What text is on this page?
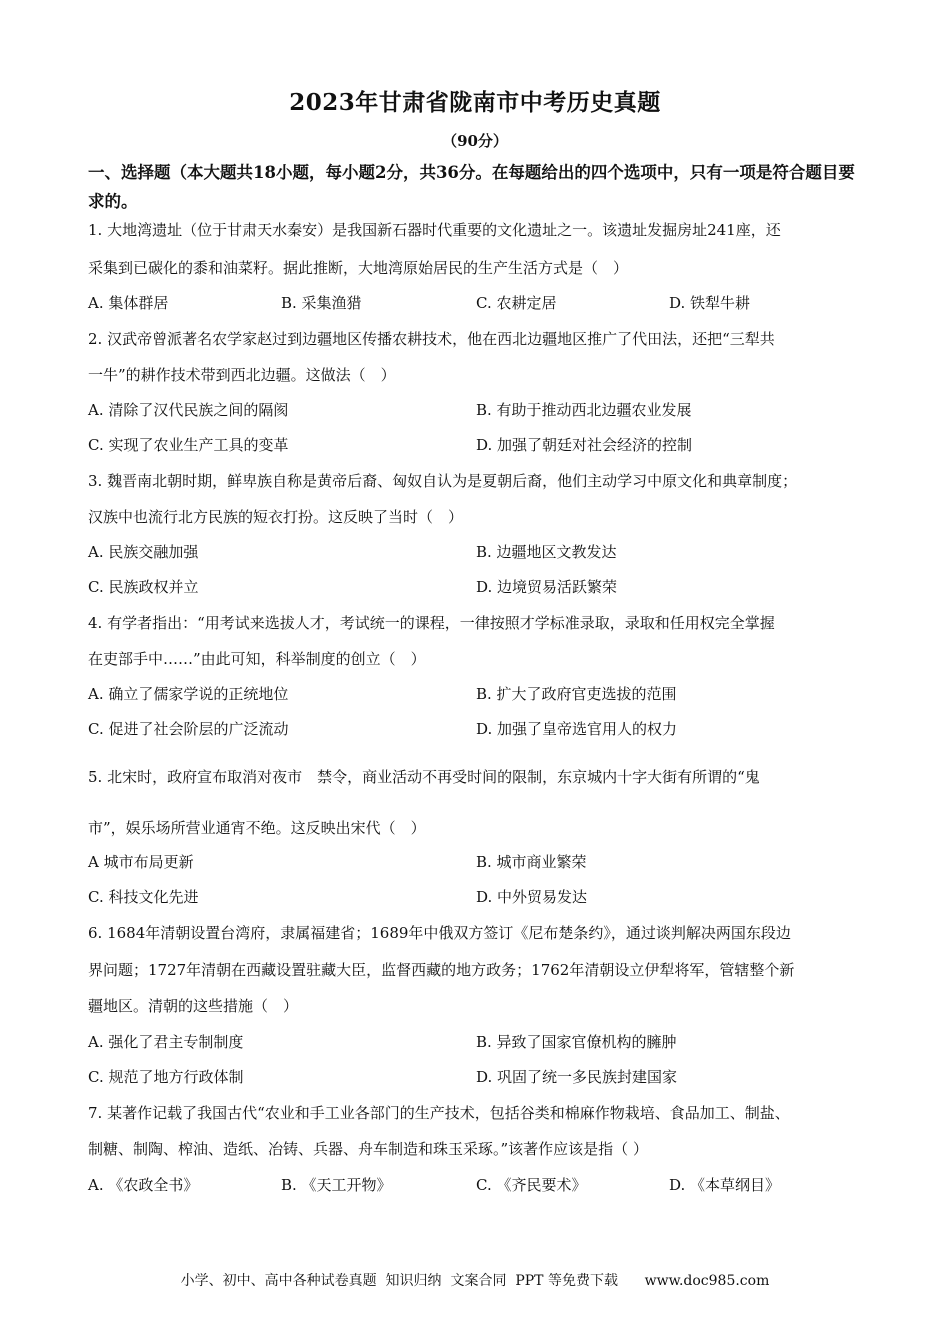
2023年甘肃省陇南市中考历史真题
（90分）
一、选择题（本大题共18小题，每小题2分，共36分。在每题给出的四个选项中，只有一项是符合题目要求的。
1. 大地湾遗址（位于甘肃天水秦安）是我国新石器时代重要的文化遗址之一。该遗址发掘房址241座，还
采集到已碳化的黍和油菜籽。据此推断，大地湾原始居民的生产生活方式是（　）
A. 集体群居	B. 采集渔猎	C. 农耕定居	D. 铁犁牛耕
2. 汉武帝曾派著名农学家赵过到边疆地区传播农耕技术，他在西北边疆地区推广了代田法，还把“三犁共
一牛”的耕作技术带到西北边疆。这做法（　）
A. 清除了汉代民族之间的隔阂	B. 有助于推动西北边疆农业发展
C. 实现了农业生产工具的变革	D. 加强了朝廷对社会经济的控制
3. 魏晋南北朝时期，鲜卑族自称是黄帝后裔、匈奴自认为是夏朝后裔，他们主动学习中原文化和典章制度；
汉族中也流行北方民族的短衣打扮。这反映了当时（　）
A. 民族交融加强	B. 边疆地区文教发达
C. 民族政权并立	D. 边境贸易活跃繁荣
4. 有学者指出：“用考试来选拔人才，考试统一的课程，一律按照才学标准录取，录取和任用权完全掌握
在吏部手中……”由此可知，科举制度的创立（　）
A. 确立了儒家学说的正统地位	B. 扩大了政府官吏选拔的范围
C. 促进了社会阶层的广泛流动	D. 加强了皇帝选官用人的权力
5. 北宋时，政府宣布取消对夜市　禁令，商业活动不再受时间的限制，东京城内十字大街有所谓的“鬼
市”，娱乐场所营业通宵不绝。这反映出宋代（　）
A 城市布局更新	B. 城市商业繁荣
C. 科技文化先进	D. 中外贸易发达
6. 1684年清朝设置台湾府，隶属福建省；1689年中俄双方签订《尼布楚条约》，通过谈判解决两国东段边
界问题；1727年清朝在西藏设置驻藏大臣，监督西藏的地方政务；1762年清朝设立伊犁将军，管辖整个新
疆地区。清朝的这些措施（　）
A. 强化了君主专制制度	B. 异致了国家官僚机构的臃肿
C. 规范了地方行政体制	D. 巩固了统一多民族封建国家
7. 某著作记载了我国古代“农业和手工业各部门的生产技术，包括谷类和棉麻作物栽培、食品加工、制盐、
制糖、制陶、榨油、造纸、冶铸、兵器、舟车制造和珠玉采琢。”该著作应该是指（ ）
A. 《农政全书》	B. 《天工开物》	C. 《齐民要术》	D. 《本草纲目》
小学、初中、高中各种试卷真题  知识归纳  文案合同  PPT 等免费下载      www.doc985.com
